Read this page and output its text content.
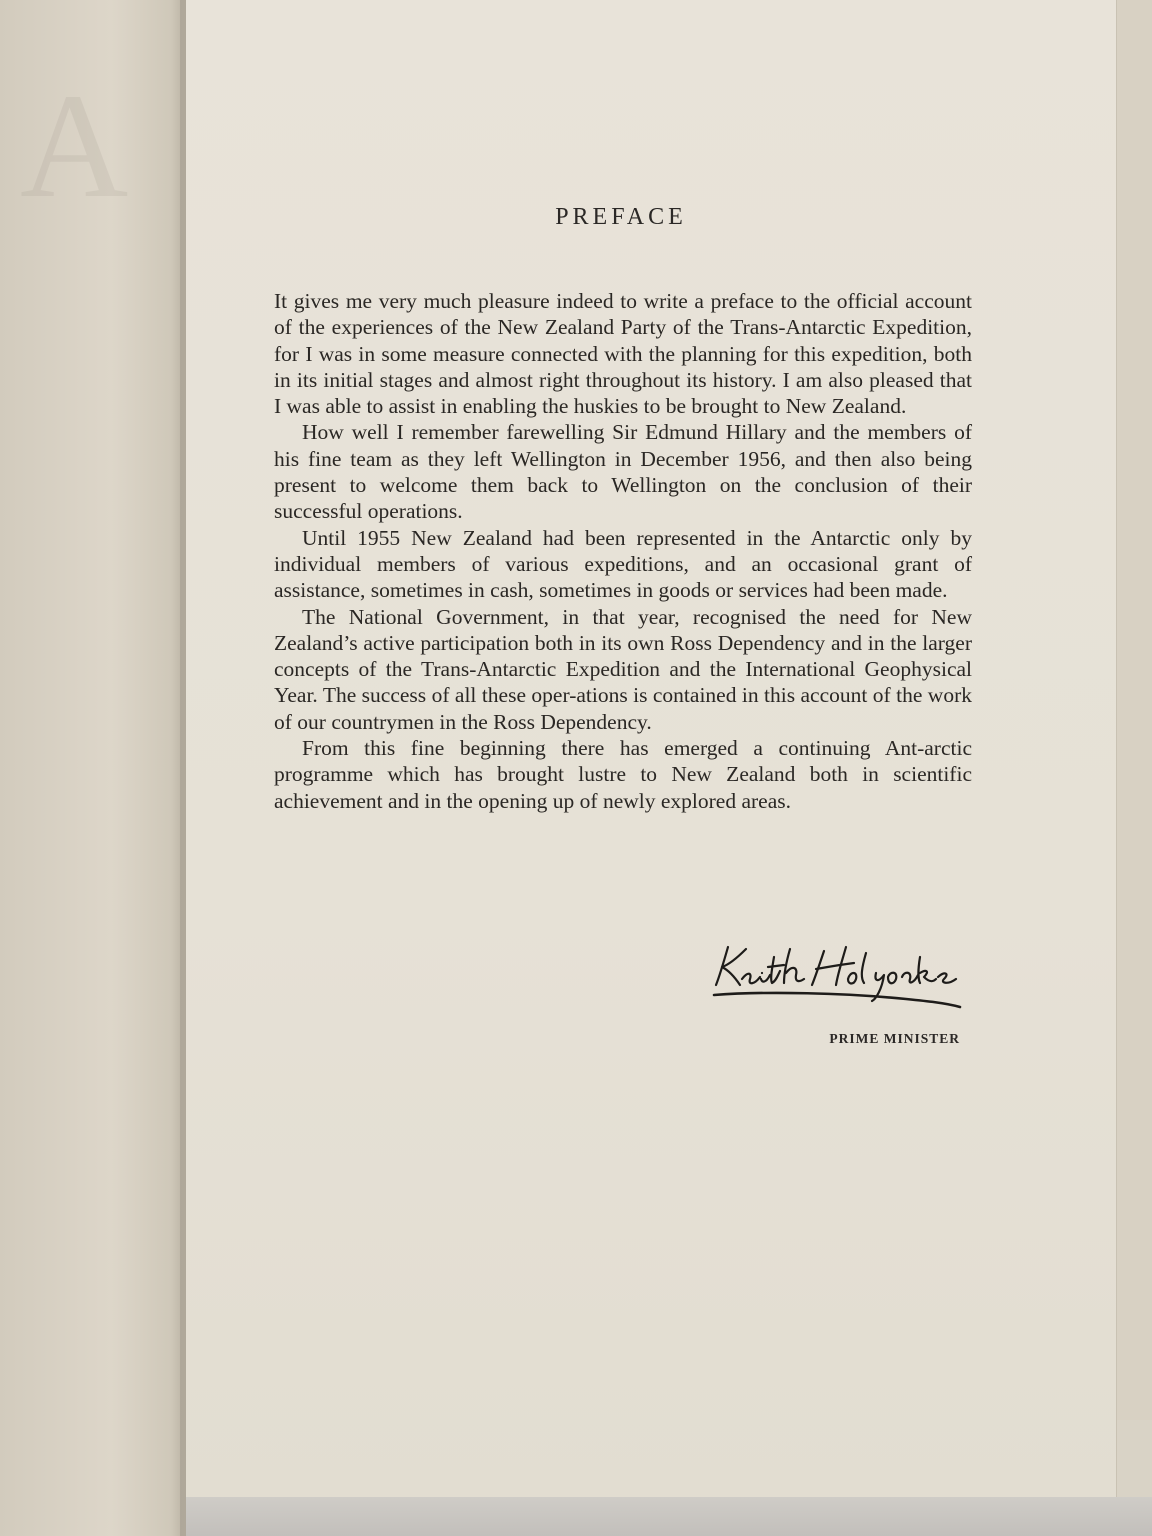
A	PREFACE

It gives me very much pleasure indeed to write a preface to the official account of the experiences of the New Zealand Party of the Trans-Antarctic Expedition, for I was in some measure connected with the planning for this expedition, both in its initial stages and almost right throughout its history. I am also pleased that I was able to assist in enabling the huskies to be brought to New Zealand.

How well I remember farewelling Sir Edmund Hillary and the members of his fine team as they left Wellington in December 1956, and then also being present to welcome them back to Wellington on the conclusion of their successful operations.

Until 1955 New Zealand had been represented in the Antarctic only by individual members of various expeditions, and an occasional grant of assistance, sometimes in cash, sometimes in goods or services had been made.

The National Government, in that year, recognised the need for New Zealand’s active participation both in its own Ross Dependency and in the larger concepts of the Trans-Antarctic Expedition and the International Geophysical Year. The success of all these oper-ations is contained in this account of the work of our countrymen in the Ross Dependency.

From this fine beginning there has emerged a continuing Ant-arctic programme which has brought lustre to New Zealand both in scientific achievement and in the opening up of newly explored areas.

PRIME MINISTER
